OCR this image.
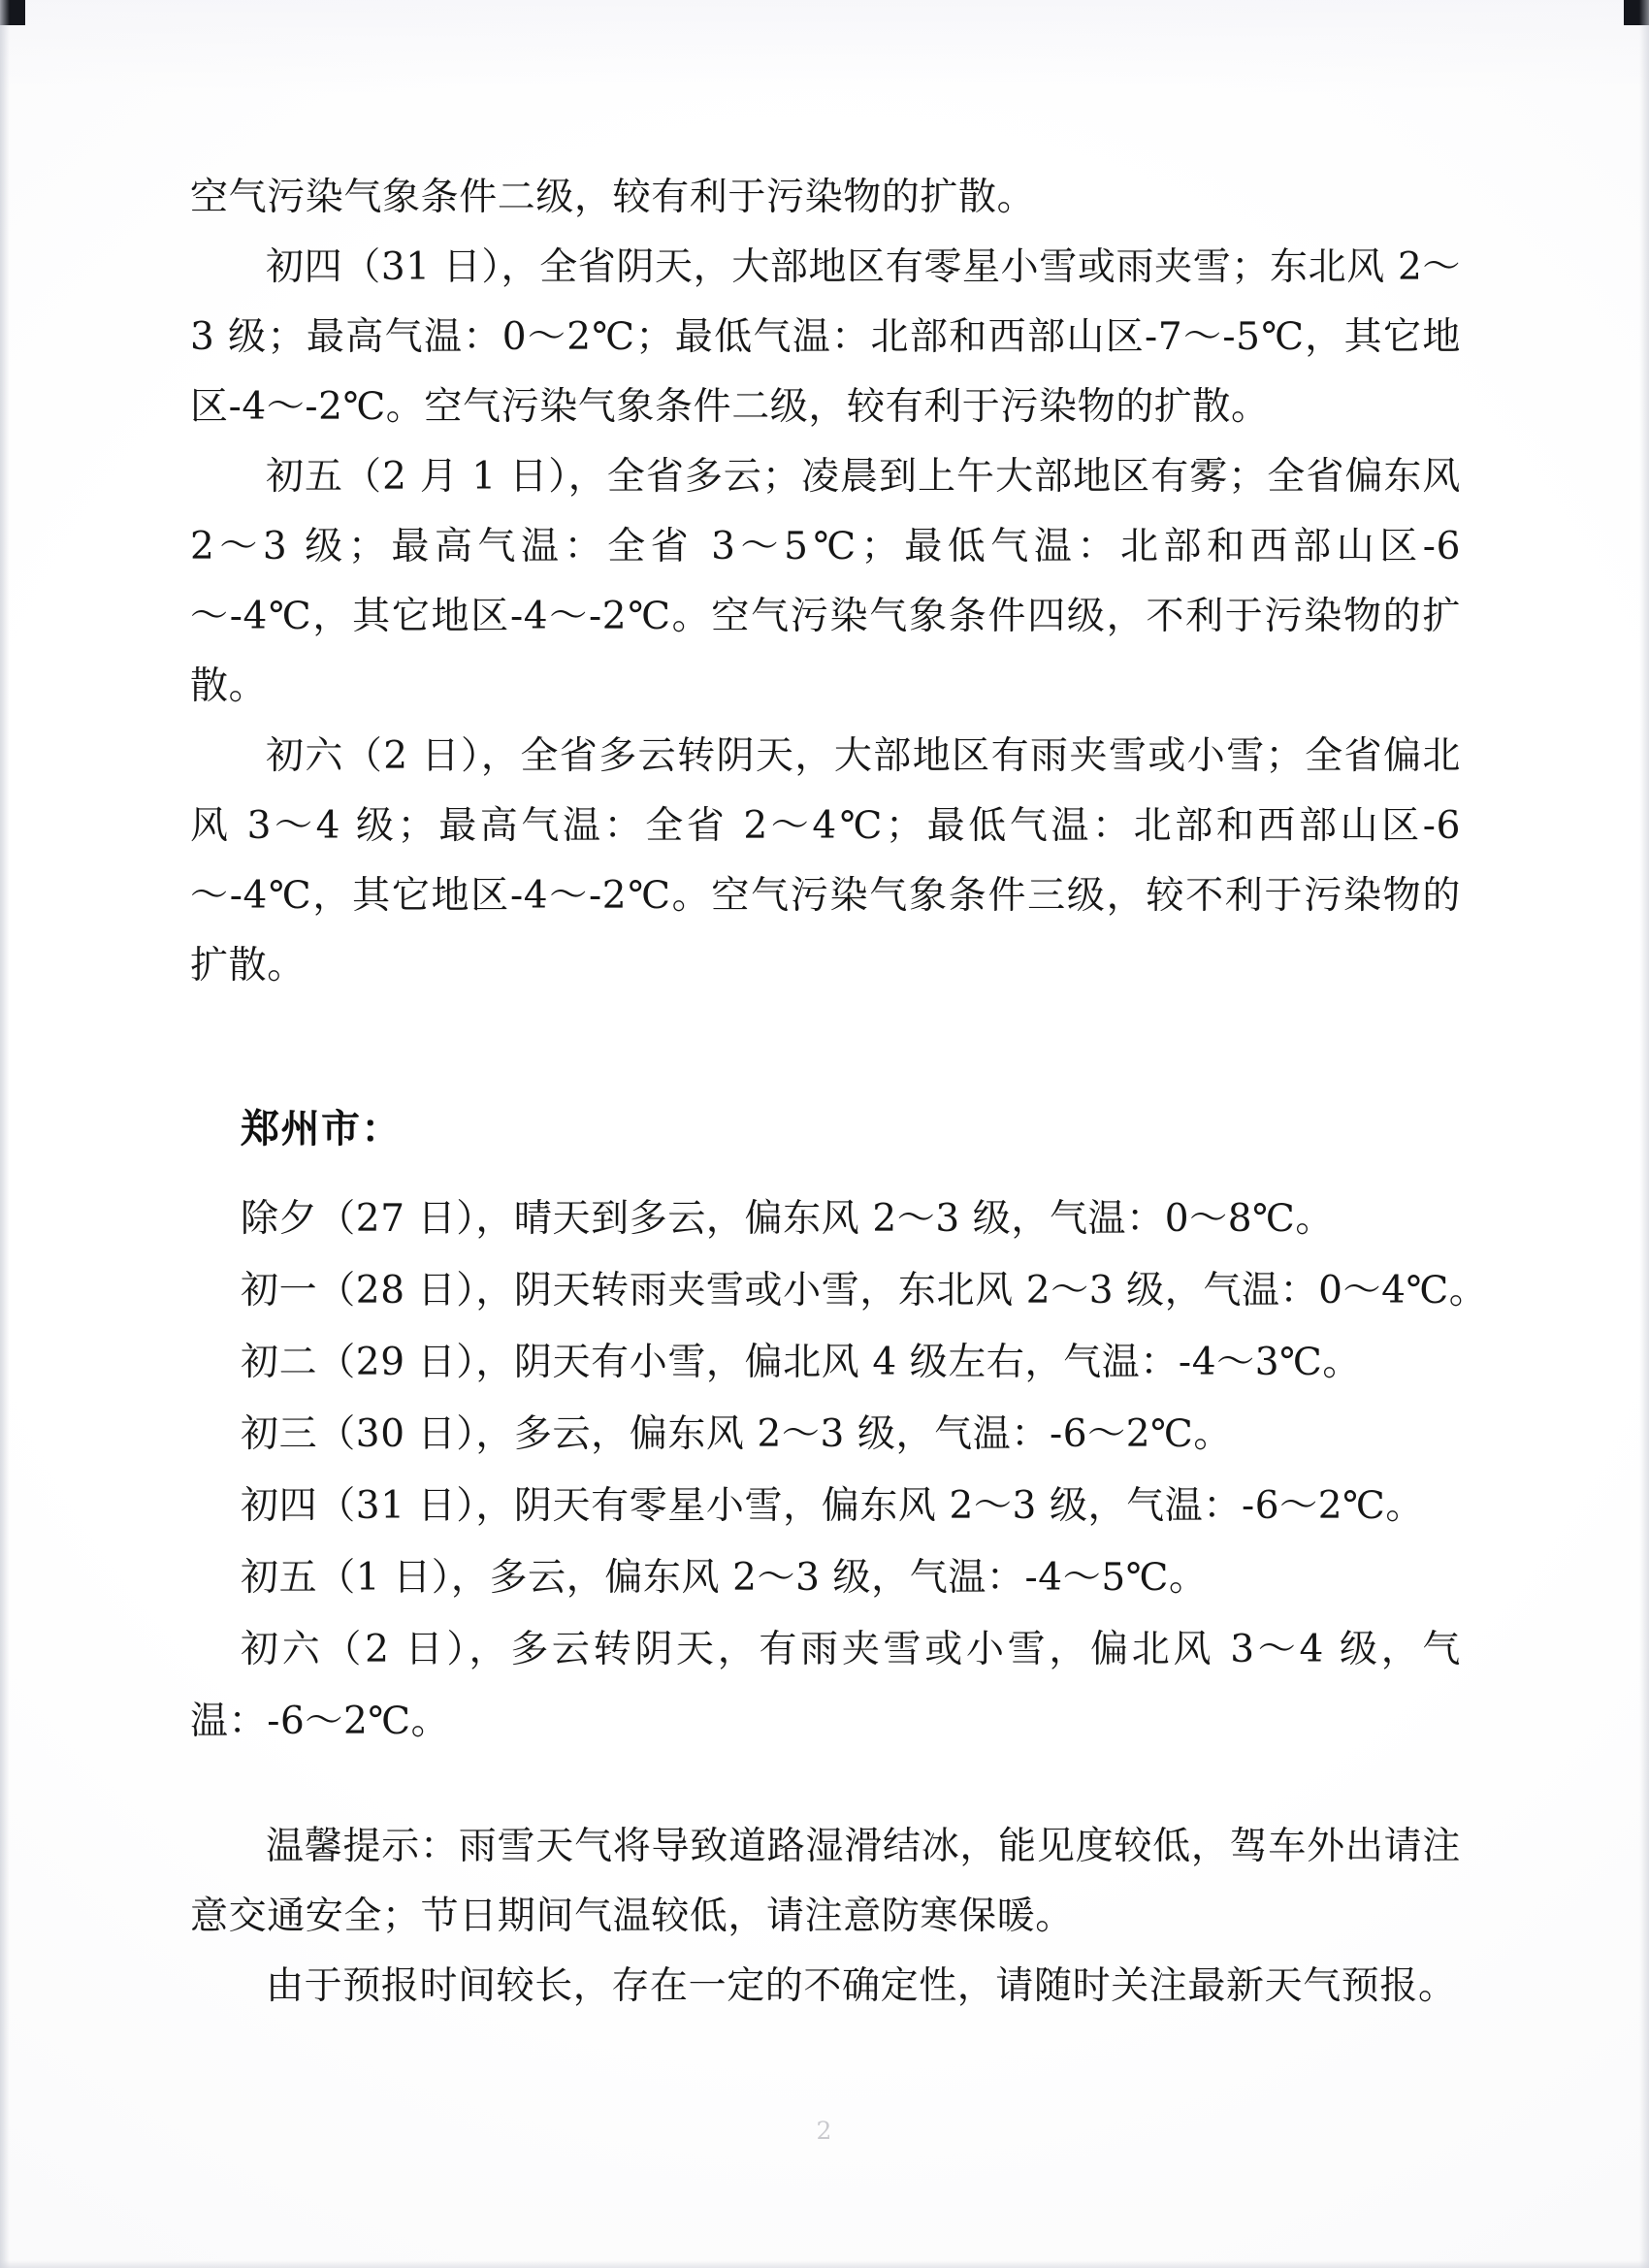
空气污染气象条件二级，较有利于污染物的扩散。

初四（31 日），全省阴天，大部地区有零星小雪或雨夹雪；东北风 2～3 级；最高气温：0～2℃；最低气温：北部和西部山区-7～-5℃，其它地区-4～-2℃。空气污染气象条件二级，较有利于污染物的扩散。

初五（2 月 1 日），全省多云；凌晨到上午大部地区有雾；全省偏东风 2～3 级；最高气温：全省 3～5℃；最低气温：北部和西部山区-6～-4℃，其它地区-4～-2℃。空气污染气象条件四级，不利于污染物的扩散。

初六（2 日），全省多云转阴天，大部地区有雨夹雪或小雪；全省偏北风 3～4 级；最高气温：全省 2～4℃；最低气温：北部和西部山区-6～-4℃，其它地区-4～-2℃。空气污染气象条件三级，较不利于污染物的扩散。

郑州市：

除夕（27 日），晴天到多云，偏东风 2～3 级，气温：0～8℃。

初一（28 日），阴天转雨夹雪或小雪，东北风 2～3 级，气温：0～4℃。

初二（29 日），阴天有小雪，偏北风 4 级左右，气温：-4～3℃。

初三（30 日），多云，偏东风 2～3 级，气温：-6～2℃。

初四（31 日），阴天有零星小雪，偏东风 2～3 级，气温：-6～2℃。

初五（1 日），多云，偏东风 2～3 级，气温：-4～5℃。

初六（2 日），多云转阴天，有雨夹雪或小雪，偏北风 3～4 级，气温：-6～2℃。

温馨提示：雨雪天气将导致道路湿滑结冰，能见度较低，驾车外出请注意交通安全；节日期间气温较低，请注意防寒保暖。

由于预报时间较长，存在一定的不确定性，请随时关注最新天气预报。

2
